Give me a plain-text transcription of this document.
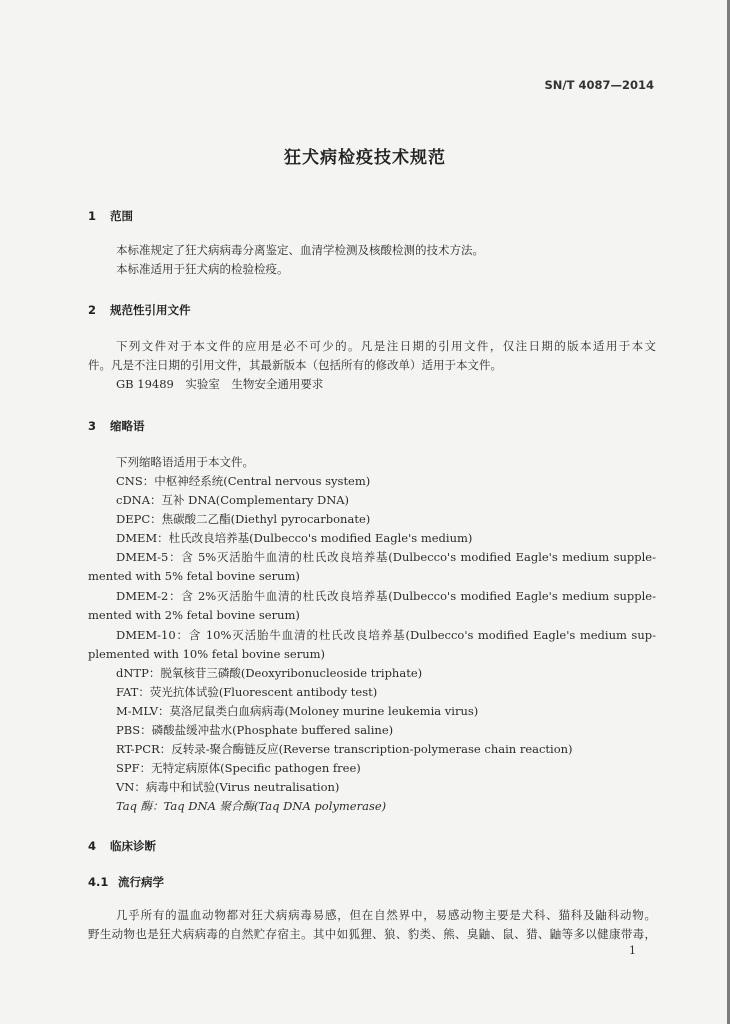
SN/T 4087—2014
狂犬病检疫技术规范
1 范围
本标准规定了狂犬病病毒分离鉴定、血清学检测及核酸检测的技术方法。
本标准适用于狂犬病的检验检疫。
2 规范性引用文件
下列文件对于本文件的应用是必不可少的。凡是注日期的引用文件，仅注日期的版本适用于本文
件。凡是不注日期的引用文件，其最新版本（包括所有的修改单）适用于本文件。
GB 19489　实验室　生物安全通用要求
3 缩略语
下列缩略语适用于本文件。
CNS：中枢神经系统(Central nervous system)
cDNA：互补 DNA(Complementary DNA)
DEPC：焦碳酸二乙酯(Diethyl pyrocarbonate)
DMEM：杜氏改良培养基(Dulbecco's modified Eagle's medium)
DMEM-5：含 5%灭活胎牛血清的杜氏改良培养基(Dulbecco's modified Eagle's medium supple-
mented with 5% fetal bovine serum)
DMEM-2：含 2%灭活胎牛血清的杜氏改良培养基(Dulbecco's modified Eagle's medium supple-
mented with 2% fetal bovine serum)
DMEM-10：含 10%灭活胎牛血清的杜氏改良培养基(Dulbecco's modified Eagle's medium sup-
plemented with 10% fetal bovine serum)
dNTP：脱氧核苷三磷酸(Deoxyribonucleoside triphate)
FAT：荧光抗体试验(Fluorescent antibody test)
M-MLV：莫洛尼鼠类白血病病毒(Moloney murine leukemia virus)
PBS：磷酸盐缓冲盐水(Phosphate buffered saline)
RT-PCR：反转录-聚合酶链反应(Reverse transcription-polymerase chain reaction)
SPF：无特定病原体(Specific pathogen free)
VN：病毒中和试验(Virus neutralisation)
Taq 酶：Taq DNA 聚合酶(Taq DNA polymerase)
4 临床诊断
4.1 流行病学
几乎所有的温血动物都对狂犬病病毒易感，但在自然界中，易感动物主要是犬科、猫科及鼬科动物。
野生动物也是狂犬病病毒的自然贮存宿主。其中如狐狸、狼、豹类、熊、臭鼬、鼠、猎、鼬等多以健康带毒，
1
